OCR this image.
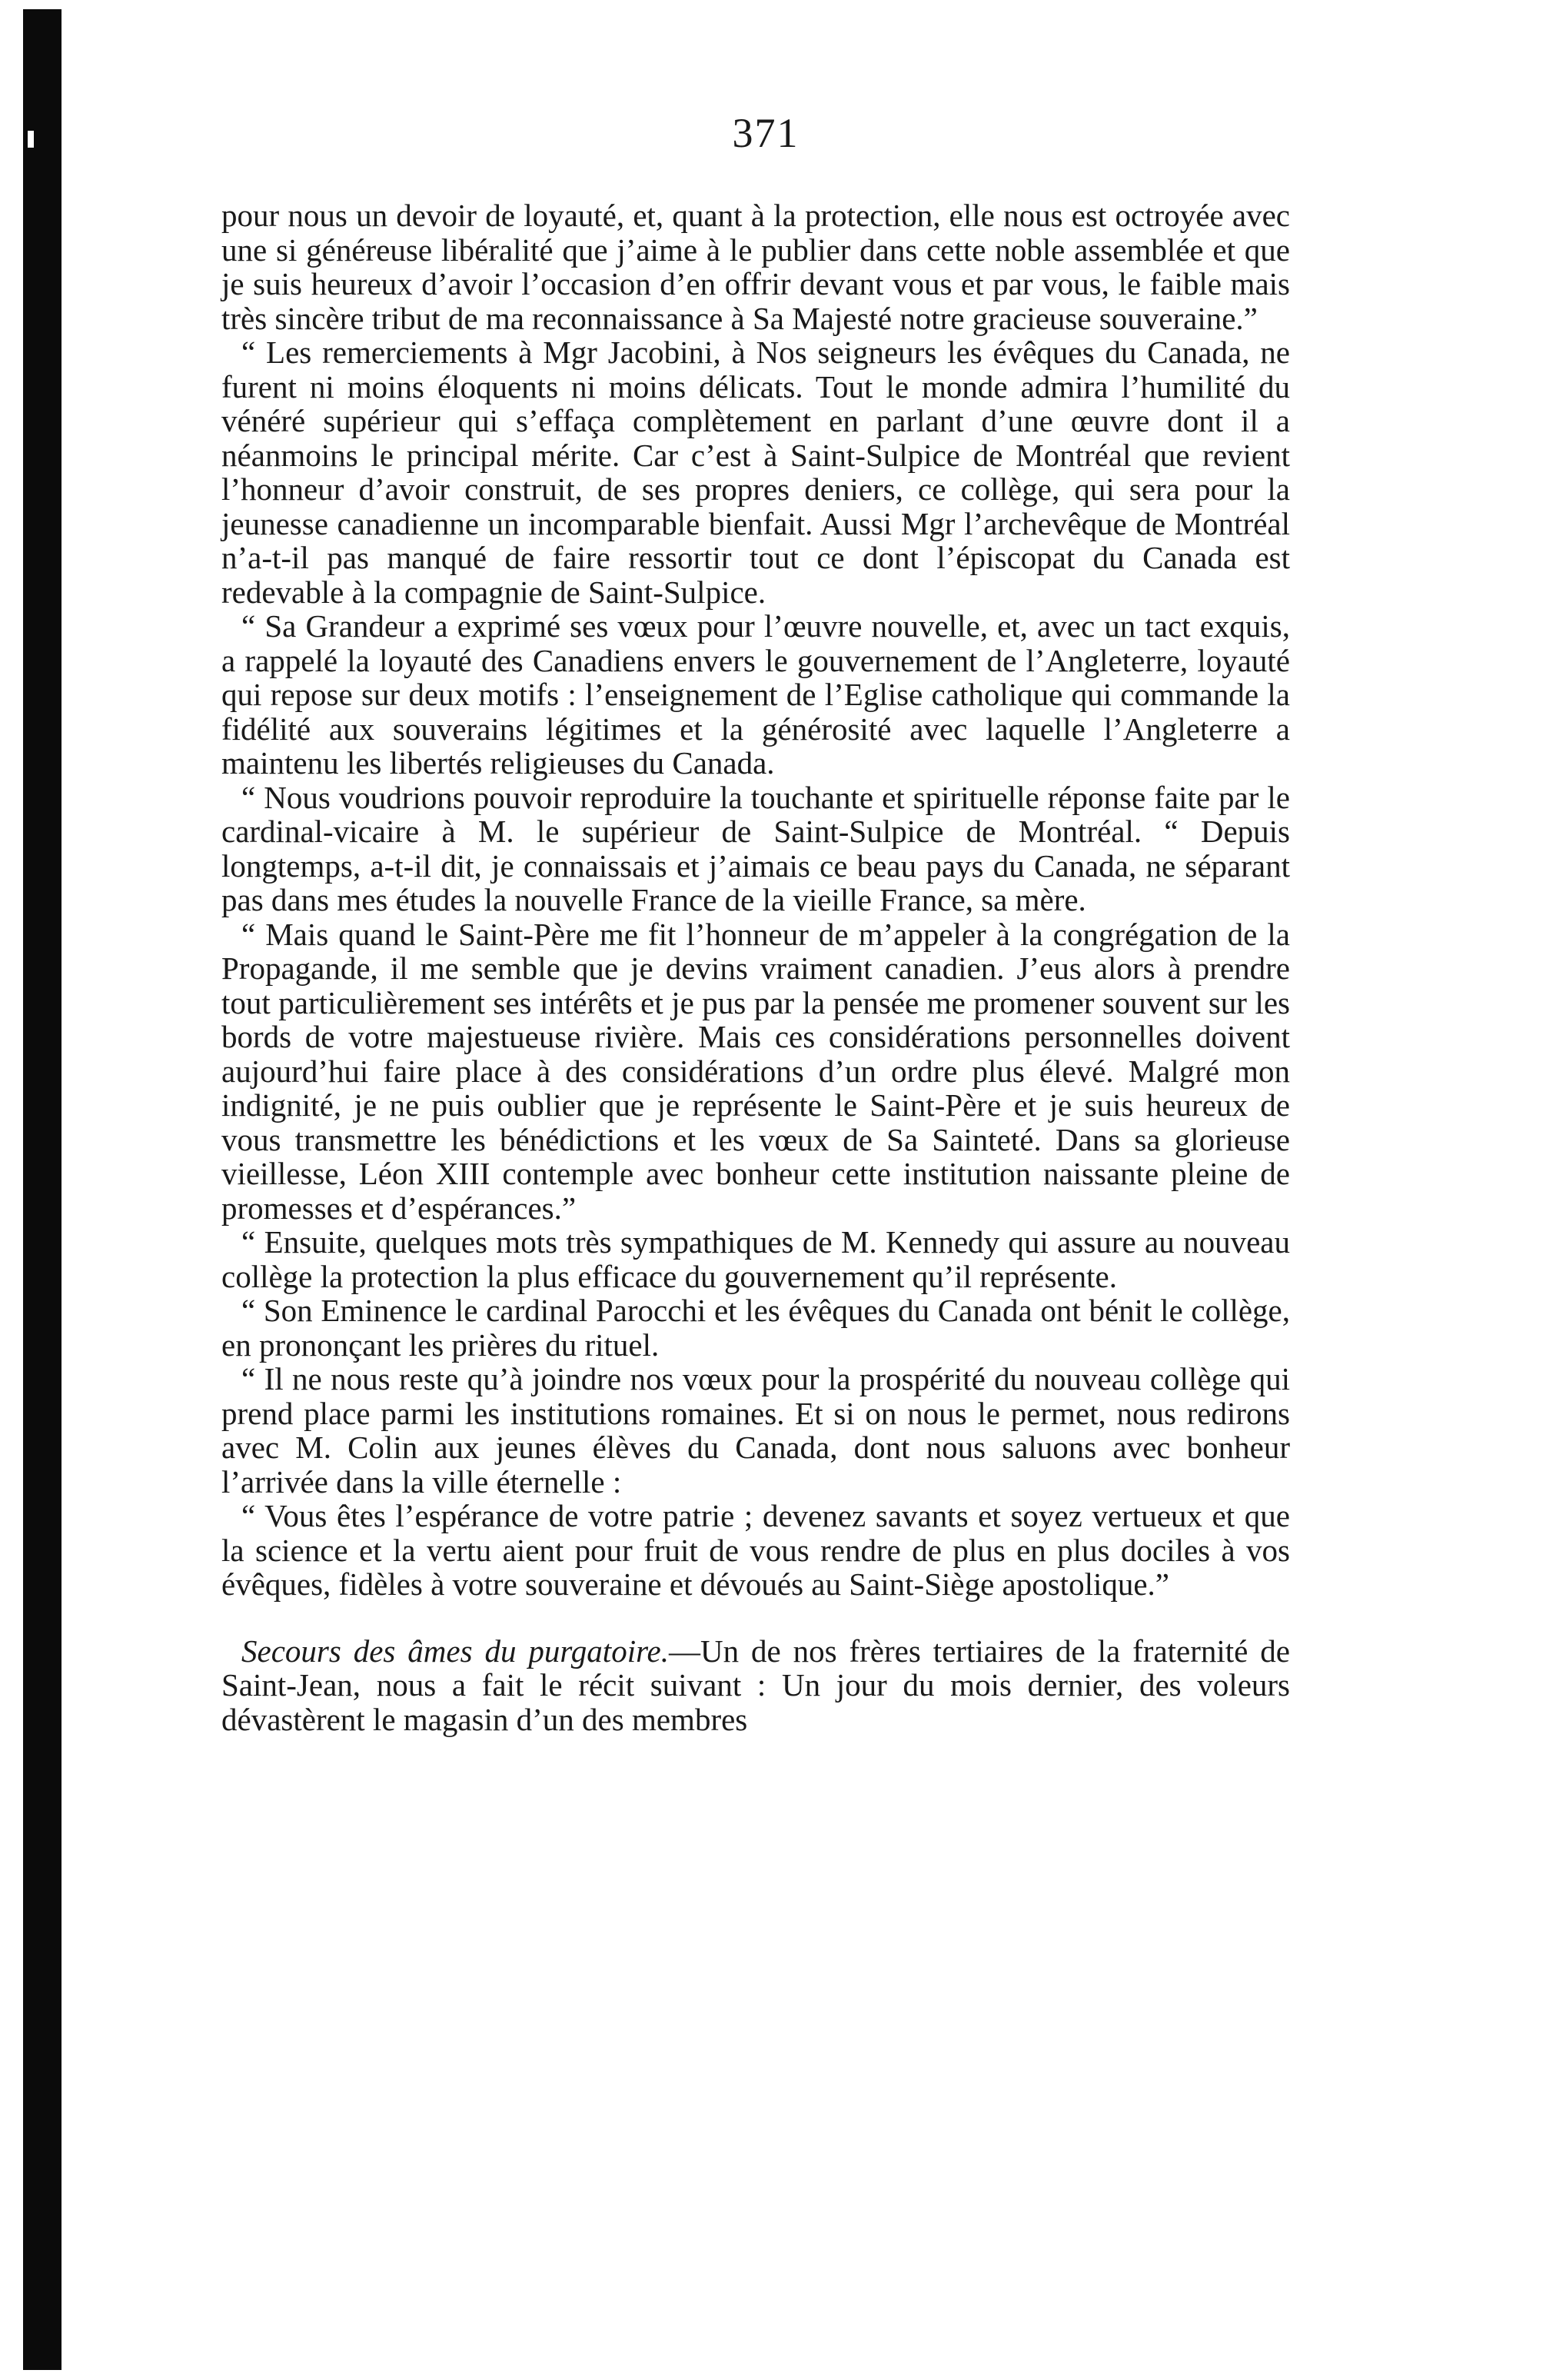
371

pour nous un devoir de loyauté, et, quant à la protection, elle nous est octroyée avec une si généreuse libéralité que j’aime à le publier dans cette noble assemblée et que je suis heureux d’avoir l’occasion d’en offrir devant vous et par vous, le faible mais très sincère tribut de ma reconnaissance à Sa Majesté notre gracieuse souveraine.”

“ Les remerciements à Mgr Jacobini, à Nos seigneurs les évêques du Canada, ne furent ni moins éloquents ni moins délicats. Tout le monde admira l’humilité du vénéré supérieur qui s’effaça complètement en parlant d’une œuvre dont il a néanmoins le principal mérite. Car c’est à Saint-Sulpice de Montréal que revient l’honneur d’avoir construit, de ses propres deniers, ce collège, qui sera pour la jeunesse canadienne un incomparable bienfait. Aussi Mgr l’archevêque de Montréal n’a-t-il pas manqué de faire ressortir tout ce dont l’épiscopat du Canada est redevable à la compagnie de Saint-Sulpice.

“ Sa Grandeur a exprimé ses vœux pour l’œuvre nouvelle, et, avec un tact exquis, a rappelé la loyauté des Canadiens envers le gouvernement de l’Angleterre, loyauté qui repose sur deux motifs : l’enseignement de l’Eglise catholique qui commande la fidélité aux souverains légitimes et la générosité avec laquelle l’Angleterre a maintenu les libertés religieuses du Canada.

“ Nous voudrions pouvoir reproduire la touchante et spirituelle réponse faite par le cardinal-vicaire à M. le supérieur de Saint-Sulpice de Montréal. “ Depuis longtemps, a-t-il dit, je connaissais et j’aimais ce beau pays du Canada, ne séparant pas dans mes études la nouvelle France de la vieille France, sa mère.

“ Mais quand le Saint-Père me fit l’honneur de m’appeler à la congrégation de la Propagande, il me semble que je devins vraiment canadien. J’eus alors à prendre tout particulièrement ses intérêts et je pus par la pensée me promener souvent sur les bords de votre majestueuse rivière. Mais ces considérations personnelles doivent aujourd’hui faire place à des considérations d’un ordre plus élevé. Malgré mon indignité, je ne puis oublier que je représente le Saint-Père et je suis heureux de vous transmettre les bénédictions et les vœux de Sa Sainteté. Dans sa glorieuse vieillesse, Léon XIII contemple avec bonheur cette institution naissante pleine de promesses et d’espérances.”

“ Ensuite, quelques mots très sympathiques de M. Kennedy qui assure au nouveau collège la protection la plus efficace du gouvernement qu’il représente.

“ Son Eminence le cardinal Parocchi et les évêques du Canada ont bénit le collège, en prononçant les prières du rituel.

“ Il ne nous reste qu’à joindre nos vœux pour la prospérité du nouveau collège qui prend place parmi les institutions romaines. Et si on nous le permet, nous redirons avec M. Colin aux jeunes élèves du Canada, dont nous saluons avec bonheur l’arrivée dans la ville éternelle :

“ Vous êtes l’espérance de votre patrie ; devenez savants et soyez vertueux et que la science et la vertu aient pour fruit de vous rendre de plus en plus dociles à vos évêques, fidèles à votre souveraine et dévoués au Saint-Siège apostolique.”

Secours des âmes du purgatoire.—Un de nos frères tertiaires de la fraternité de Saint-Jean, nous a fait le récit suivant : Un jour du mois dernier, des voleurs dévastèrent le magasin d’un des membres
